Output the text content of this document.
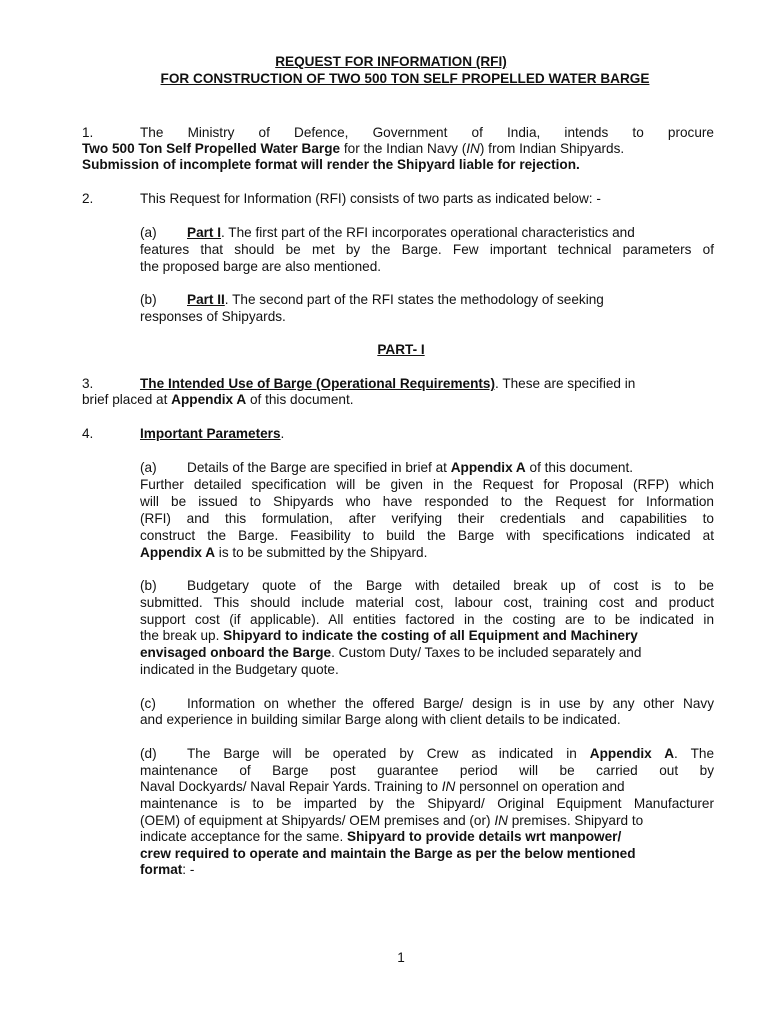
REQUEST FOR INFORMATION (RFI)
FOR CONSTRUCTION OF TWO 500 TON SELF PROPELLED WATER BARGE
1.	The Ministry of Defence, Government of India, intends to procure
Two 500 Ton Self Propelled Water Barge for the Indian Navy (IN) from Indian Shipyards.
Submission of incomplete format will render the Shipyard liable for rejection.
2.	This Request for Information (RFI) consists of two parts as indicated below: -
(a) Part I. The first part of the RFI incorporates operational characteristics and
features that should be met by the Barge. Few important technical parameters of
the proposed barge are also mentioned.
(b) Part II. The second part of the RFI states the methodology of seeking
responses of Shipyards.
PART- I
3.	The Intended Use of Barge (Operational Requirements). These are specified in
brief placed at Appendix A of this document.
4.	Important Parameters.
(a) Details of the Barge are specified in brief at Appendix A of this document.
Further detailed specification will be given in the Request for Proposal (RFP) which
will be issued to Shipyards who have responded to the Request for Information
(RFI) and this formulation, after verifying their credentials and capabilities to
construct the Barge. Feasibility to build the Barge with specifications indicated at
Appendix A is to be submitted by the Shipyard.
(b) Budgetary quote of the Barge with detailed break up of cost is to be
submitted. This should include material cost, labour cost, training cost and product
support cost (if applicable). All entities factored in the costing are to be indicated in
the break up. Shipyard to indicate the costing of all Equipment and Machinery
envisaged onboard the Barge. Custom Duty/ Taxes to be included separately and
indicated in the Budgetary quote.
(c) Information on whether the offered Barge/ design is in use by any other Navy
and experience in building similar Barge along with client details to be indicated.
(d) The Barge will be operated by Crew as indicated in Appendix A. The
maintenance of Barge post guarantee period will be carried out by
Naval Dockyards/ Naval Repair Yards. Training to IN personnel on operation and
maintenance is to be imparted by the Shipyard/ Original Equipment Manufacturer
(OEM) of equipment at Shipyards/ OEM premises and (or) IN premises. Shipyard to
indicate acceptance for the same. Shipyard to provide details wrt manpower/
crew required to operate and maintain the Barge as per the below mentioned
format: -
1
